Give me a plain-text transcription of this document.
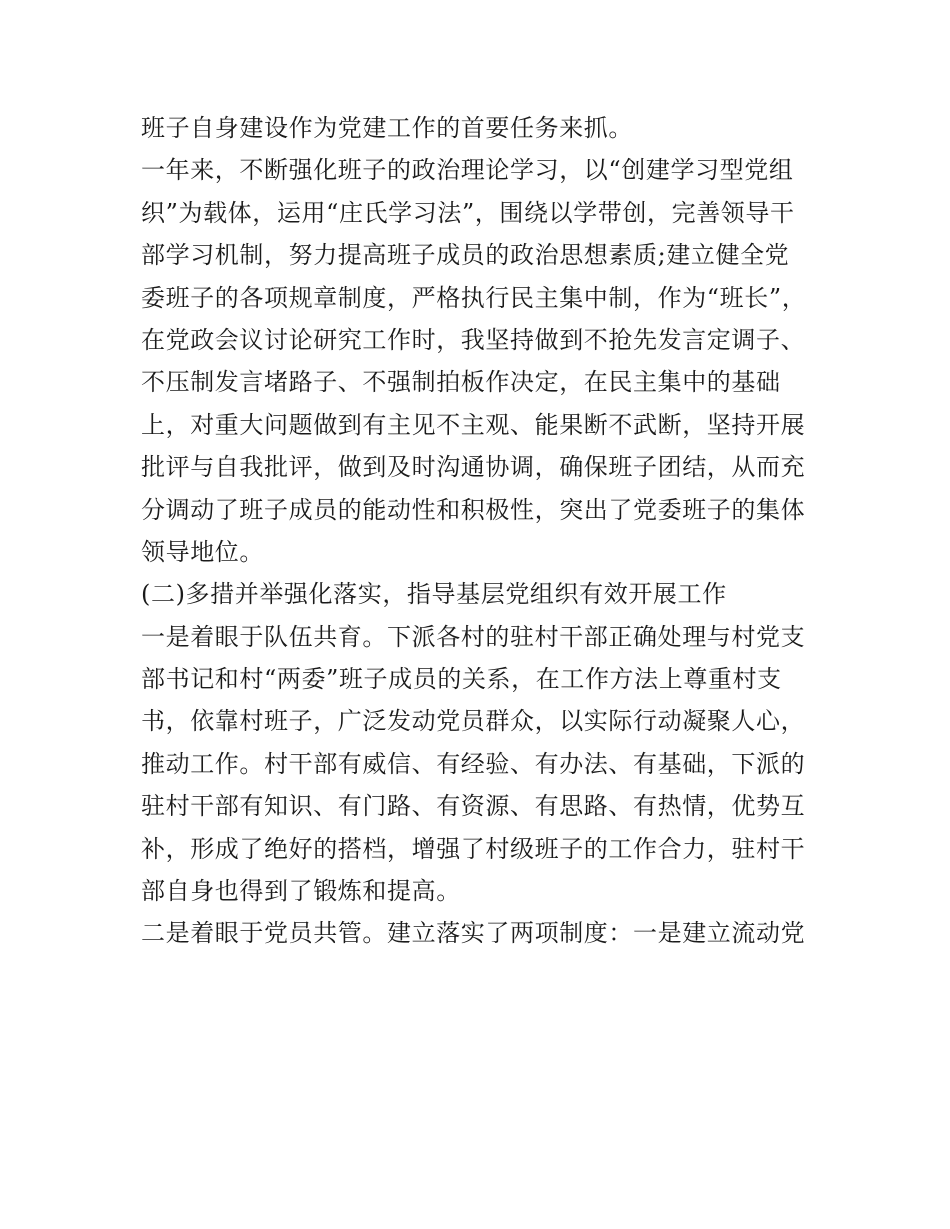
班子自身建设作为党建工作的首要任务来抓。
一年来，不断强化班子的政治理论学习，以“创建学习型党组
织”为载体，运用“庄氏学习法”，围绕以学带创，完善领导干
部学习机制，努力提高班子成员的政治思想素质;建立健全党
委班子的各项规章制度，严格执行民主集中制，作为“班长”，
在党政会议讨论研究工作时，我坚持做到不抢先发言定调子、
不压制发言堵路子、不强制拍板作决定，在民主集中的基础
上，对重大问题做到有主见不主观、能果断不武断，坚持开展
批评与自我批评，做到及时沟通协调，确保班子团结，从而充
分调动了班子成员的能动性和积极性，突出了党委班子的集体
领导地位。
(二)多措并举强化落实，指导基层党组织有效开展工作
一是着眼于队伍共育。下派各村的驻村干部正确处理与村党支
部书记和村“两委”班子成员的关系，在工作方法上尊重村支
书，依靠村班子，广泛发动党员群众，以实际行动凝聚人心，
推动工作。村干部有威信、有经验、有办法、有基础，下派的
驻村干部有知识、有门路、有资源、有思路、有热情，优势互
补，形成了绝好的搭档，增强了村级班子的工作合力，驻村干
部自身也得到了锻炼和提高。
二是着眼于党员共管。建立落实了两项制度：一是建立流动党
